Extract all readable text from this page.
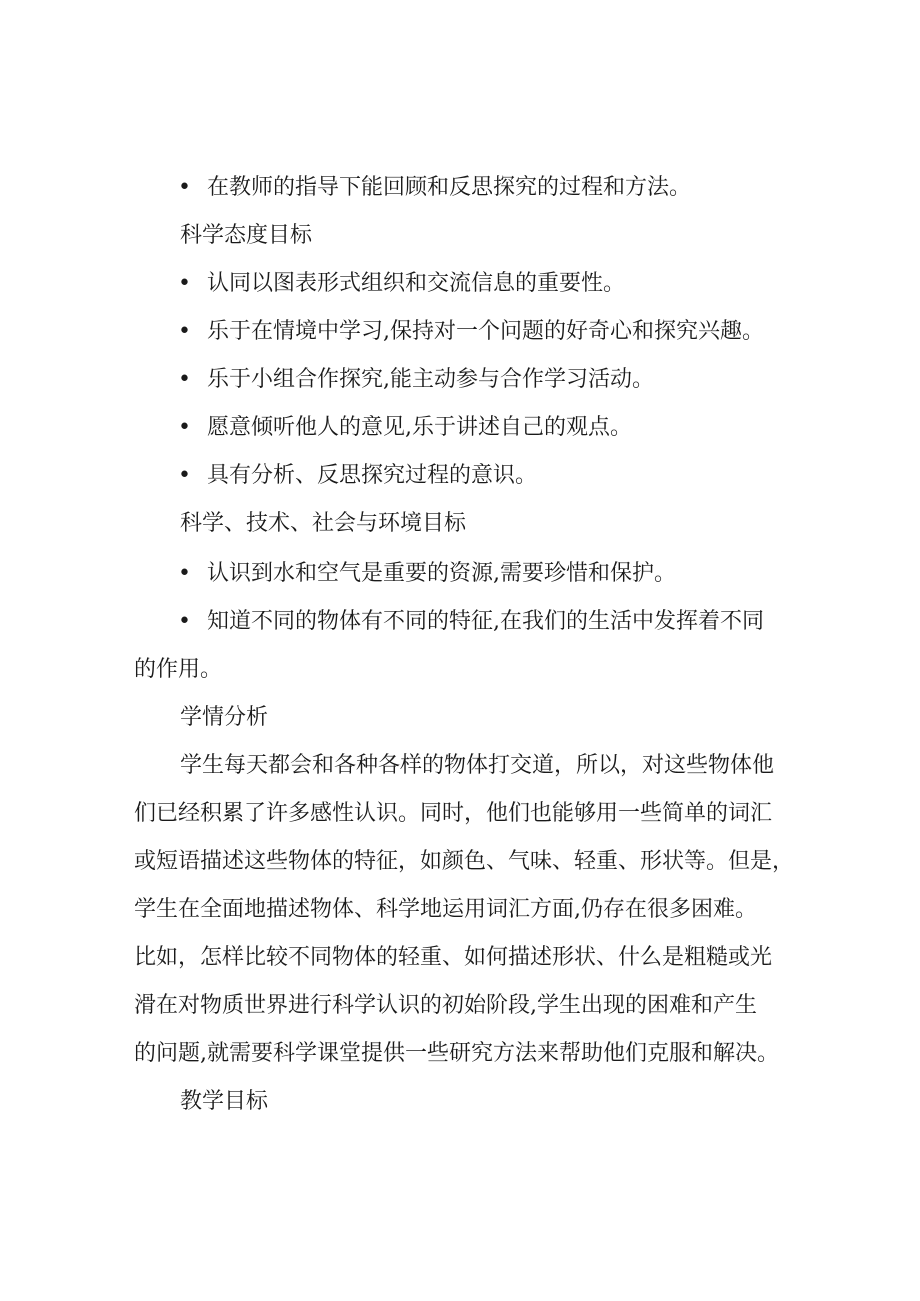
• 在教师的指导下能回顾和反思探究的过程和方法。
科学态度目标
• 认同以图表形式组织和交流信息的重要性。
• 乐于在情境中学习,保持对一个问题的好奇心和探究兴趣。
• 乐于小组合作探究,能主动参与合作学习活动。
• 愿意倾听他人的意见,乐于讲述自己的观点。
• 具有分析、反思探究过程的意识。
科学、技术、社会与环境目标
• 认识到水和空气是重要的资源,需要珍惜和保护。
• 知道不同的物体有不同的特征,在我们的生活中发挥着不同
的作用。
学情分析
学生每天都会和各种各样的物体打交道，所以，对这些物体他
们已经积累了许多感性认识。同时，他们也能够用一些简单的词汇
或短语描述这些物体的特征，如颜色、气味、轻重、形状等。但是，
学生在全面地描述物体、科学地运用词汇方面,仍存在很多困难。
比如，怎样比较不同物体的轻重、如何描述形状、什么是粗糙或光
滑在对物质世界进行科学认识的初始阶段,学生出现的困难和产生
的问题,就需要科学课堂提供一些研究方法来帮助他们克服和解决。
教学目标
